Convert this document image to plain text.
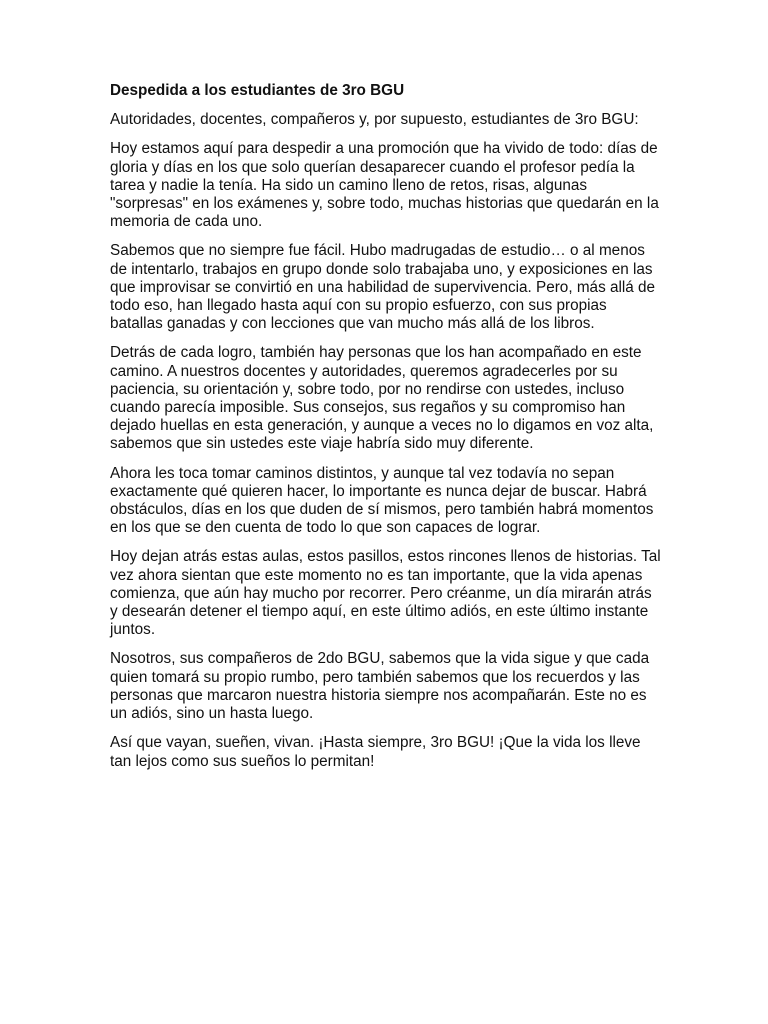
Despedida a los estudiantes de 3ro BGU

Autoridades, docentes, compañeros y, por supuesto, estudiantes de 3ro BGU:

Hoy estamos aquí para despedir a una promoción que ha vivido de todo: días de gloria y días en los que solo querían desaparecer cuando el profesor pedía la tarea y nadie la tenía. Ha sido un camino lleno de retos, risas, algunas "sorpresas" en los exámenes y, sobre todo, muchas historias que quedarán en la memoria de cada uno.

Sabemos que no siempre fue fácil. Hubo madrugadas de estudio… o al menos de intentarlo, trabajos en grupo donde solo trabajaba uno, y exposiciones en las que improvisar se convirtió en una habilidad de supervivencia. Pero, más allá de todo eso, han llegado hasta aquí con su propio esfuerzo, con sus propias batallas ganadas y con lecciones que van mucho más allá de los libros.

Detrás de cada logro, también hay personas que los han acompañado en este camino. A nuestros docentes y autoridades, queremos agradecerles por su paciencia, su orientación y, sobre todo, por no rendirse con ustedes, incluso cuando parecía imposible. Sus consejos, sus regaños y su compromiso han dejado huellas en esta generación, y aunque a veces no lo digamos en voz alta, sabemos que sin ustedes este viaje habría sido muy diferente.

Ahora les toca tomar caminos distintos, y aunque tal vez todavía no sepan exactamente qué quieren hacer, lo importante es nunca dejar de buscar. Habrá obstáculos, días en los que duden de sí mismos, pero también habrá momentos en los que se den cuenta de todo lo que son capaces de lograr.

Hoy dejan atrás estas aulas, estos pasillos, estos rincones llenos de historias. Tal vez ahora sientan que este momento no es tan importante, que la vida apenas comienza, que aún hay mucho por recorrer. Pero créanme, un día mirarán atrás y desearán detener el tiempo aquí, en este último adiós, en este último instante juntos.

Nosotros, sus compañeros de 2do BGU, sabemos que la vida sigue y que cada quien tomará su propio rumbo, pero también sabemos que los recuerdos y las personas que marcaron nuestra historia siempre nos acompañarán. Este no es un adiós, sino un hasta luego.

Así que vayan, sueñen, vivan. ¡Hasta siempre, 3ro BGU! ¡Que la vida los lleve tan lejos como sus sueños lo permitan!
